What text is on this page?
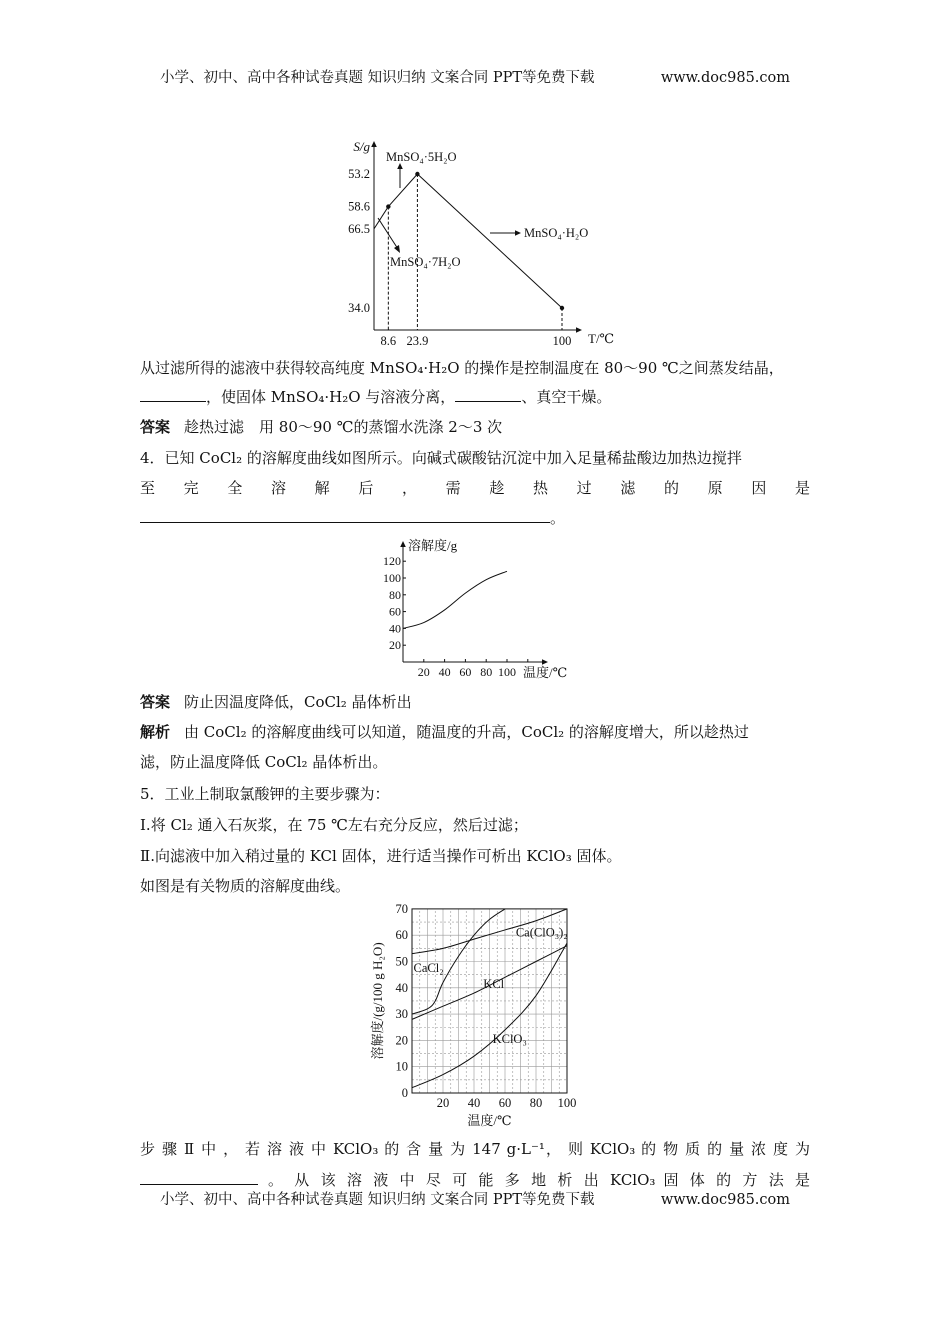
小学、初中、高中各种试卷真题 知识归纳 文案合同 PPT等免费下载	www.doc985.com
S/g
T/℃
66.5
58.6
53.2
34.0
8.6 23.9	100
MnSO₄·5H₂O
MnSO₄·H₂O
MnSO₄·7H₂O
从过滤所得的滤液中获得较高纯度 MnSO₄·H₂O 的操作是控制温度在 80～90 ℃之间蒸发结晶，
，使固体 MnSO₄·H₂O 与溶液分离，	、真空干燥。
答案 趁热过滤　用 80～90 ℃的蒸馏水洗涤 2～3 次
4．已知 CoCl₂ 的溶解度曲线如图所示。向碱式碳酸钴沉淀中加入足量稀盐酸边加热边搅拌
至 完 全 溶 解 后 ， 需 趁 热 过 滤 的 原 因 是
。
溶解度/g
温度/℃
20
40
60
80
100
120
20 40 60 80 100
答案 防止因温度降低，CoCl₂ 晶体析出
解析 由 CoCl₂ 的溶解度曲线可以知道，随温度的升高，CoCl₂ 的溶解度增大，所以趁热过
滤，防止温度降低 CoCl₂ 晶体析出。
5．工业上制取氯酸钾的主要步骤为：
Ⅰ.将 Cl₂ 通入石灰浆，在 75 ℃左右充分反应，然后过滤；
Ⅱ.向滤液中加入稍过量的 KCl 固体，进行适当操作可析出 KClO₃ 固体。
如图是有关物质的溶解度曲线。
0
10
20
30
40
50
60
70
20 40 60 80 100
温度/℃
溶解度/(g/100 g H₂O)
Ca(ClO₃)₂
CaCl₂
KCl
KClO₃
步 骤 Ⅱ 中 ， 若 溶 液 中 KClO₃ 的 含 量 为 147 g·L⁻¹， 则 KClO₃ 的 物 质 的 量 浓 度 为
。 从 该 溶 液 中 尽 可 能 多 地 析 出 KClO₃ 固 体 的 方 法 是
小学、初中、高中各种试卷真题 知识归纳 文案合同 PPT等免费下载	www.doc985.com
